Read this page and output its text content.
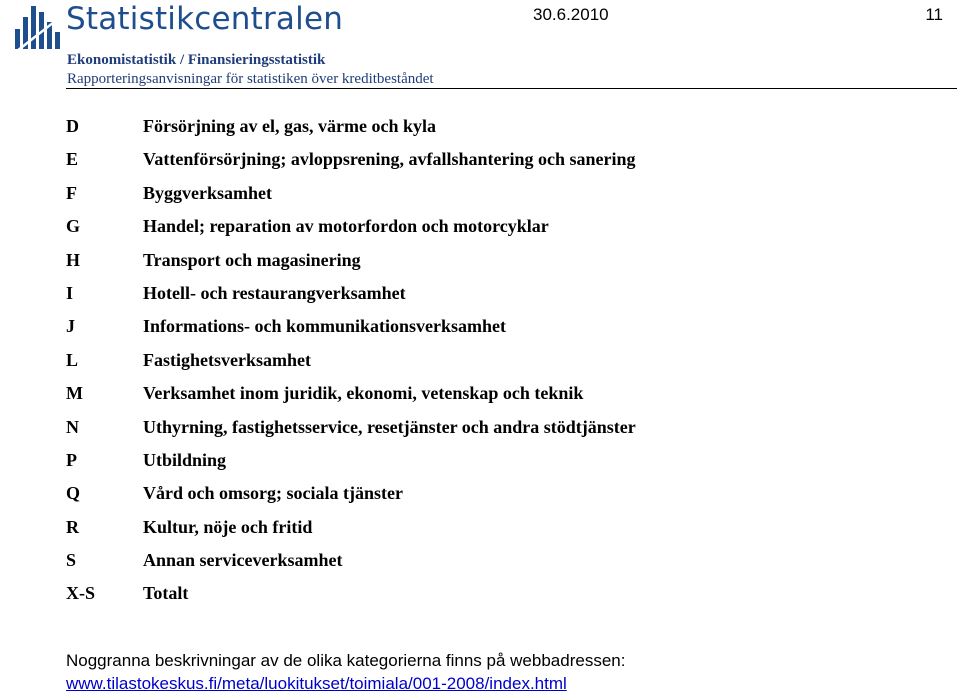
Statistikcentralen	30.6.2010	11
Ekonomistatistik / Finansieringsstatistik
Rapporteringsanvisningar för statistiken över kreditbeståndet
D	Försörjning av el, gas, värme och kyla
E	Vattenförsörjning; avloppsrening, avfallshantering och sanering
F	Byggverksamhet
G	Handel; reparation av motorfordon och motorcyklar
H	Transport och magasinering
I	Hotell- och restaurangverksamhet
J	Informations- och kommunikationsverksamhet
L	Fastighetsverksamhet
M	Verksamhet inom juridik, ekonomi, vetenskap och teknik
N	Uthyrning, fastighetsservice, resetjänster och andra stödtjänster
P	Utbildning
Q	Vård och omsorg; sociala tjänster
R	Kultur, nöje och fritid
S	Annan serviceverksamhet
X-S	Totalt
Noggranna beskrivningar av de olika kategorierna finns på webbadressen:
www.tilastokeskus.fi/meta/luokitukset/toimiala/001-2008/index.html
